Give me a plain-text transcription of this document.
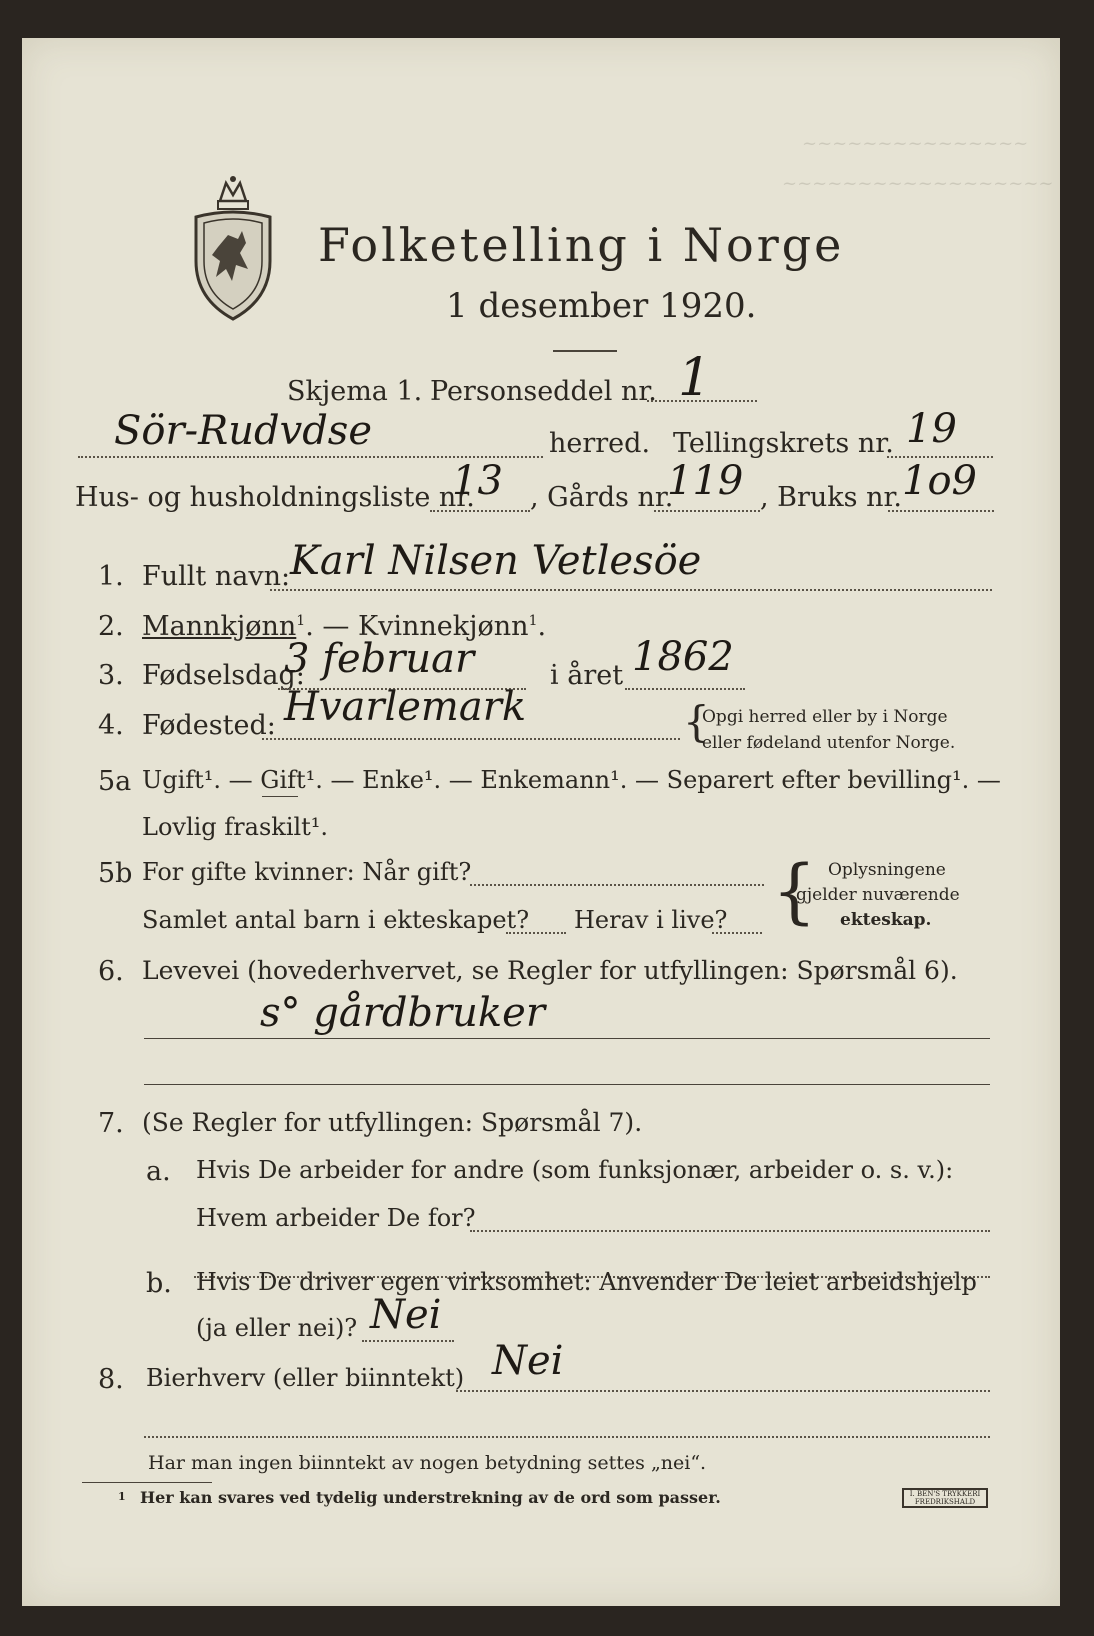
~~~~~~~~~~~~~~~
~~~~~~~~~~~~~~~~~~
Folketelling i Norge
1 desember 1920.
Skjema 1. Personseddel nr. 1
Sör-Rudvdse	herred. Tellingskrets nr. 19
Hus- og husholdningsliste nr.
13 , Gårds nr.
119 , Bruks nr. 1o9
1. Fullt navn: Karl Nilsen Vetlesöe
2. Mannkjønn$^1$. — Kvinnekjønn$^1$.
3. Fødselsdag:
3 februar	i året 1862
4. Fødested: Hvarlemark	{
Opgi herred eller by i Norge
eller fødeland utenfor Norge.
5a Ugift¹. — Gift¹. — Enke¹. — Enkemann¹. — Separert efter bevilling¹. —
Lovlig fraskilt¹.
5b For gifte kvinner: Når gift?
Samlet antal barn i ekteskapet? Herav i live? { Oplysningene
gjelder nuværende
ekteskap.
6. Levevei (hovederhvervet, se Regler for utfyllingen: Spørsmål 6).
s° gårdbruker
7. (Se Regler for utfyllingen: Spørsmål 7).
a. Hvis De arbeider for andre (som funksjonær, arbeider o. s. v.):
Hvem arbeider De for?
b. Hvis De driver egen virksomhet: Anvender De leiet arbeidshjelp
(ja eller nei)? Nei
8. Bierhverv (eller biinntekt) Nei
Har man ingen biinntekt av nogen betydning settes „nei“.
1 Her kan svares ved tydelig understrekning av de ord som passer.	I. BEN'S TRYKKERI FREDRIKSHALD
